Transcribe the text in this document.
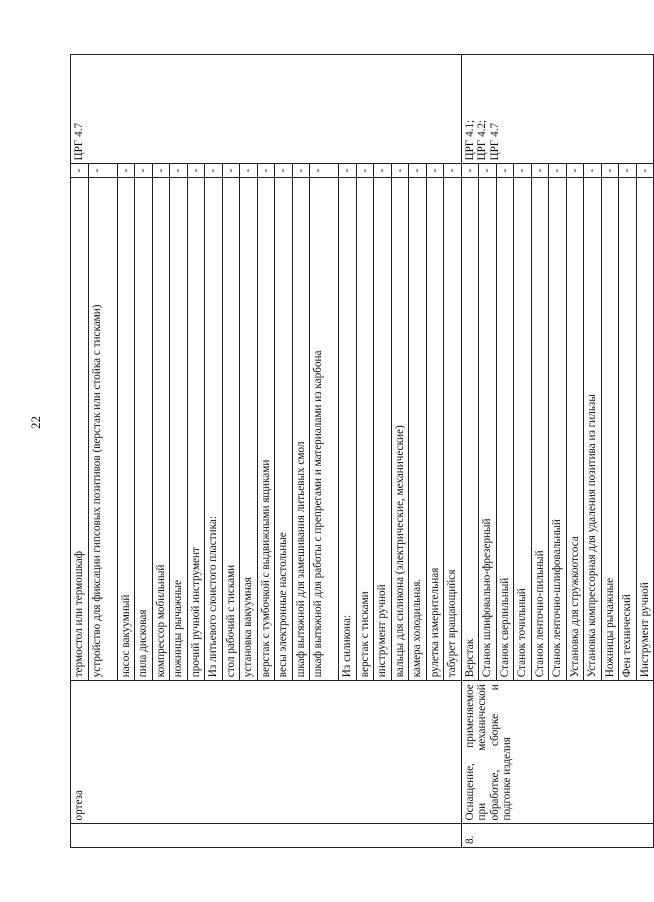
22
	ортеза	термостол или термошкаф	-	ЦРГ 4.7

		устройство для фиксации гипсовых позитивов (верстак или стойка с тисками)	-	
		насос вакуумный	-	
		пила дисковая	-	
		компрессор мобильный	-	
		ножницы рычажные	-	
		прочий ручной инструмент	-	
		Из литьевого слоистого пластика:	-	
		стол рабочий с тисками	-	
		установка вакуумная	-	
		верстак с тумбочкой с выдвижными ящиками	-	
		весы электронные настольные	-	
		шкаф вытяжной для замешивания литьевых смол	-	
		шкаф вытяжной для работы с препрегами и материалами из карбона	-	
		Из силикона:	-	
		верстак с тисками	-	
		инструмент ручной	-	
		вальцы для силикона (электрические, механические)	-	
		камера холодильная.	-	
		рулетка измерительная	-	
		табурет вращающийся	-	
8.	Оснащение, применяемое при механической обработке, сборке и подгонке изделия	Верстак	-	ЦРГ 4.1; ЦРГ 4.2; ЦРГ 4.7

		Станок шлифовально-фрезерный	-	
		Станок сверлильный	-	
		Станок точильный	-	
		Станок ленточно-пильный	-	
		Станок ленточно-шлифовальный	-	
		Установка для стружкоотсоса	-	
		Установка компрессорная для удаления позитива из гильзы	-	
		Ножницы рычажные	-	
		Фен технический	-	
		Инструмент ручной	-	
